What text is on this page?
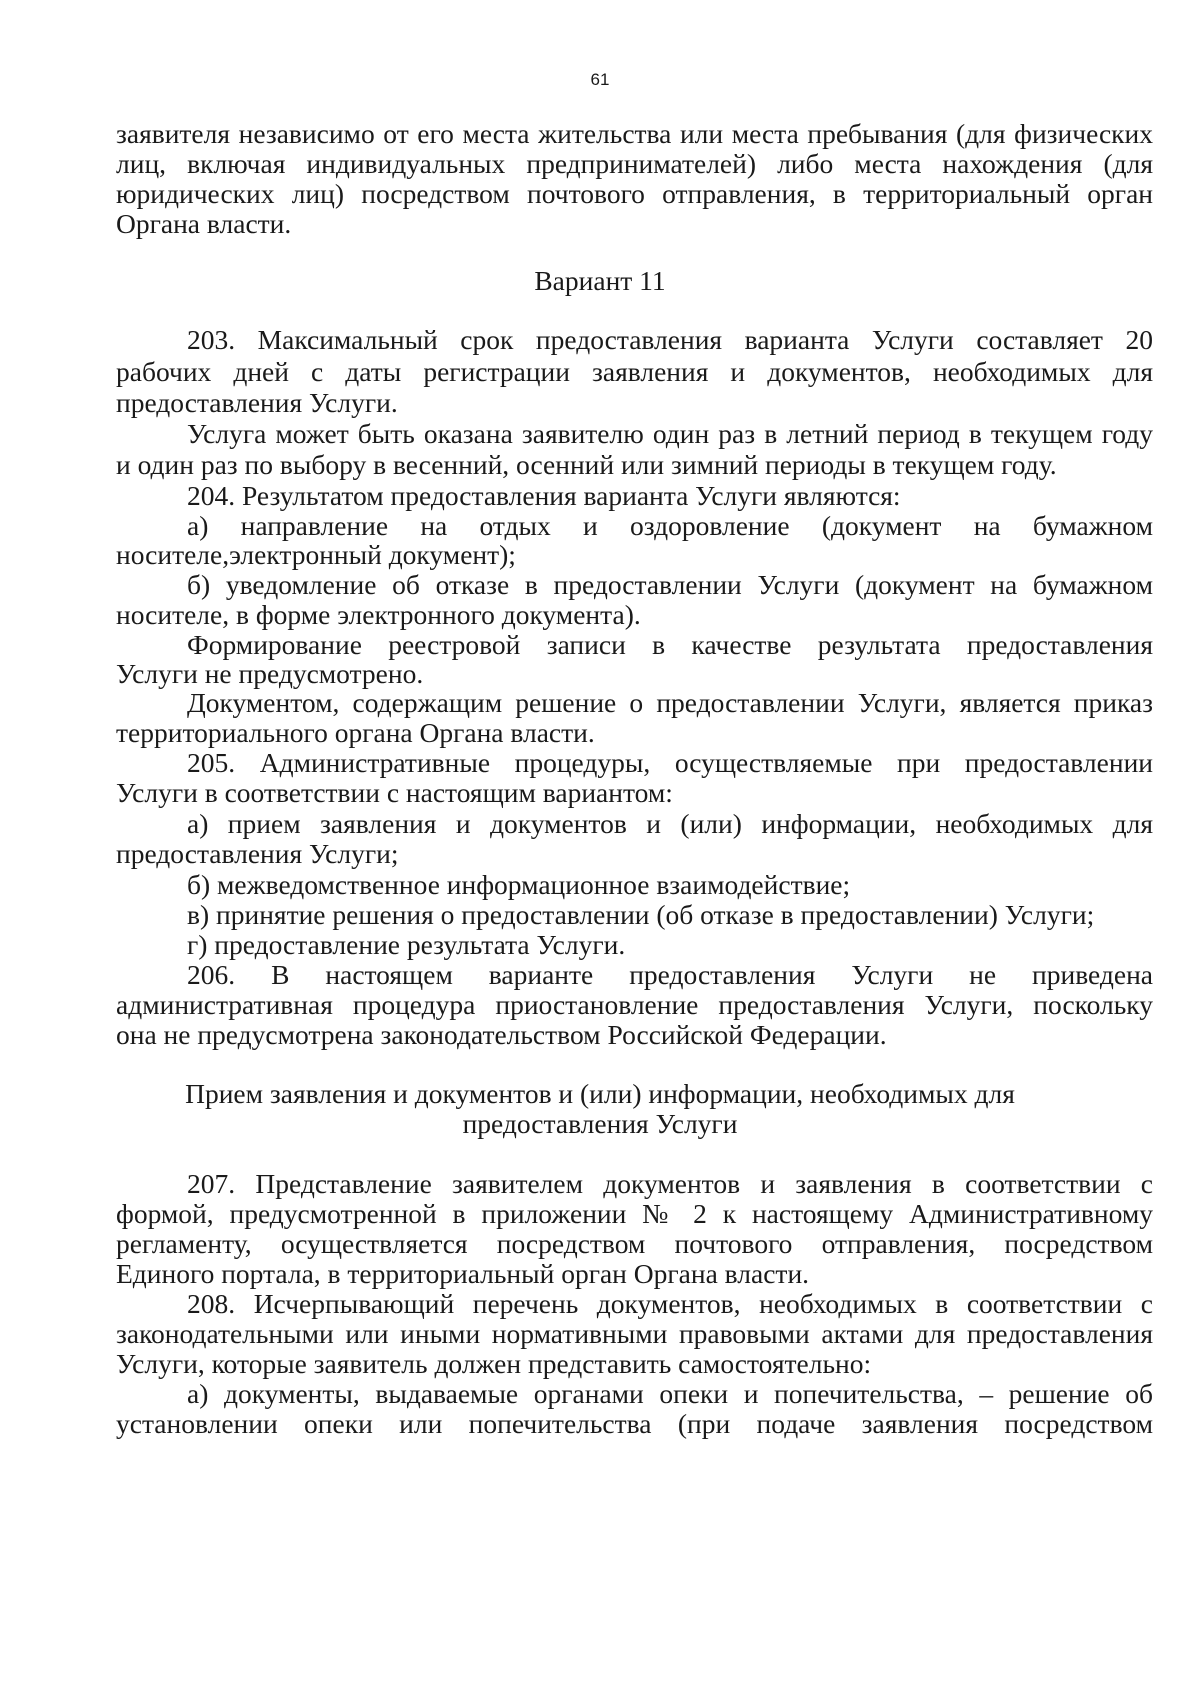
61
заявителя независимо от его места жительства или места пребывания (для физических
лиц, включая индивидуальных предпринимателей) либо места нахождения (для
юридических лиц) посредством почтового отправления, в территориальный орган
Органа власти.
Вариант 11
203. Максимальный срок предоставления варианта Услуги составляет 20
рабочих дней с даты регистрации заявления и документов, необходимых для
предоставления Услуги.
Услуга может быть оказана заявителю один раз в летний период в текущем году
и один раз по выбору в весенний, осенний или зимний периоды в текущем году.
204. Результатом предоставления варианта Услуги являются:
а) направление на отдых и оздоровление (документ на бумажном
носителе,электронный документ);
б) уведомление об отказе в предоставлении Услуги (документ на бумажном
носителе, в форме электронного документа).
Формирование реестровой записи в качестве результата предоставления
Услуги не предусмотрено.
Документом, содержащим решение о предоставлении Услуги, является приказ
территориального органа Органа власти.
205. Административные процедуры, осуществляемые при предоставлении
Услуги в соответствии с настоящим вариантом:
а) прием заявления и документов и (или) информации, необходимых для
предоставления Услуги;
б) межведомственное информационное взаимодействие;
в) принятие решения о предоставлении (об отказе в предоставлении) Услуги;
г) предоставление результата Услуги.
206. В настоящем варианте предоставления Услуги не приведена
административная процедура приостановление предоставления Услуги, поскольку
она не предусмотрена законодательством Российской Федерации.
Прием заявления и документов и (или) информации, необходимых для
предоставления Услуги
207. Представление заявителем документов и заявления в соответствии с
формой, предусмотренной в приложении № 2 к настоящему Административному
регламенту, осуществляется посредством почтового отправления, посредством
Единого портала, в территориальный орган Органа власти.
208. Исчерпывающий перечень документов, необходимых в соответствии с
законодательными или иными нормативными правовыми актами для предоставления
Услуги, которые заявитель должен представить самостоятельно:
а) документы, выдаваемые органами опеки и попечительства, – решение об
установлении опеки или попечительства (при подаче заявления посредством
